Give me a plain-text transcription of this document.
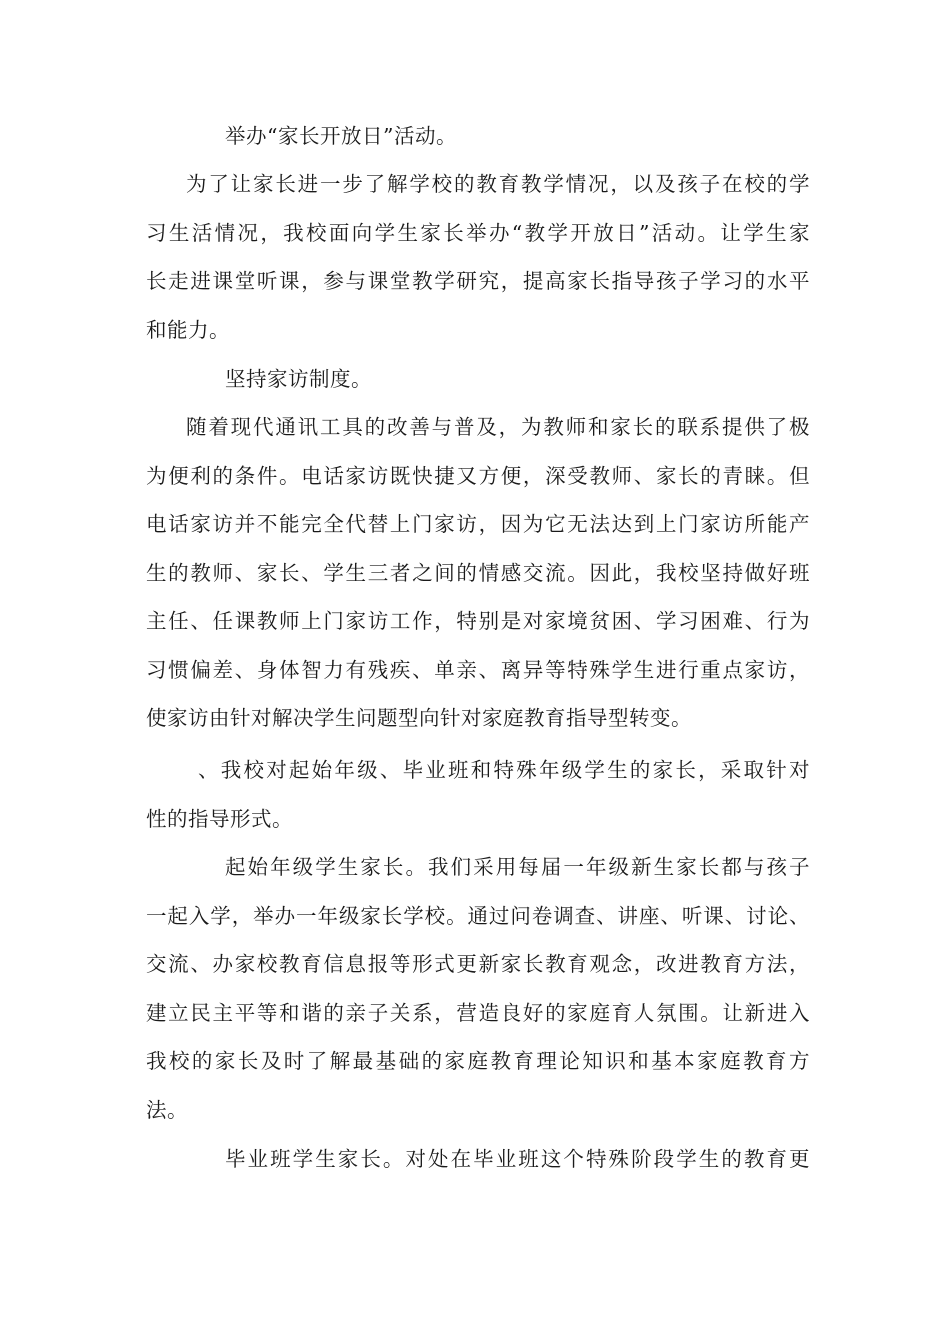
举办“家长开放日”活动。
为了让家长进一步了解学校的教育教学情况，以及孩子在校的学
习生活情况，我校面向学生家长举办“教学开放日”活动。让学生家
长走进课堂听课，参与课堂教学研究，提高家长指导孩子学习的水平
和能力。
坚持家访制度。
随着现代通讯工具的改善与普及，为教师和家长的联系提供了极
为便利的条件。电话家访既快捷又方便，深受教师、家长的青睐。但
电话家访并不能完全代替上门家访，因为它无法达到上门家访所能产
生的教师、家长、学生三者之间的情感交流。因此，我校坚持做好班
主任、任课教师上门家访工作，特别是对家境贫困、学习困难、行为
习惯偏差、身体智力有残疾、单亲、离异等特殊学生进行重点家访，
使家访由针对解决学生问题型向针对家庭教育指导型转变。
、我校对起始年级、毕业班和特殊年级学生的家长，采取针对
性的指导形式。
起始年级学生家长。我们采用每届一年级新生家长都与孩子
一起入学，举办一年级家长学校。通过问卷调查、讲座、听课、讨论、
交流、办家校教育信息报等形式更新家长教育观念，改进教育方法，
建立民主平等和谐的亲子关系，营造良好的家庭育人氛围。让新进入
我校的家长及时了解最基础的家庭教育理论知识和基本家庭教育方
法。
毕业班学生家长。对处在毕业班这个特殊阶段学生的教育更
